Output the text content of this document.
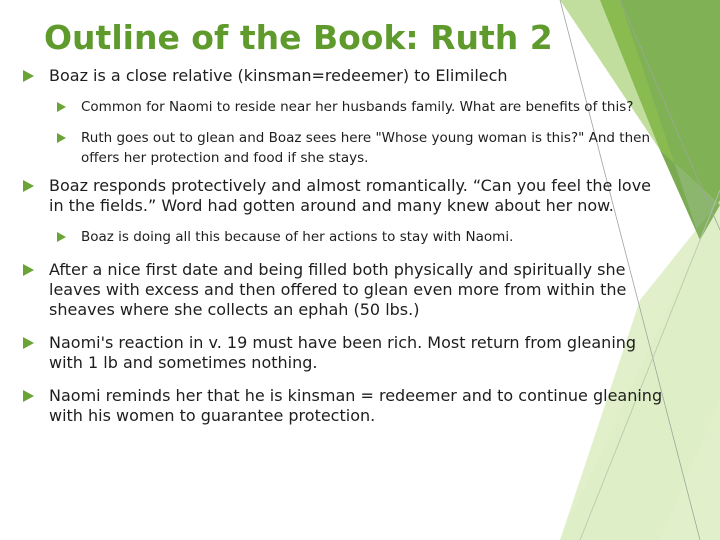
Outline of the Book: Ruth 2
Boaz is a close relative (kinsman=redeemer) to Elimilech
Common for Naomi to reside near her husbands family. What are benefits of this?
Ruth goes out to glean and Boaz sees here "Whose young woman is this?" And then offers her protection and food if she stays.
Boaz responds protectively and almost romantically. “Can you feel the love in the fields.” Word had gotten around and many knew about her now.
Boaz is doing all this because of her actions to stay with Naomi.
After a nice first date and being filled both physically and spiritually she leaves with excess and then offered to glean even more from within the sheaves where she collects an ephah (50 lbs.)
Naomi's reaction in v. 19 must have been rich. Most return from gleaning with 1 lb and sometimes nothing.
Naomi reminds her that he is kinsman = redeemer and to continue gleaning with his women to guarantee protection.
